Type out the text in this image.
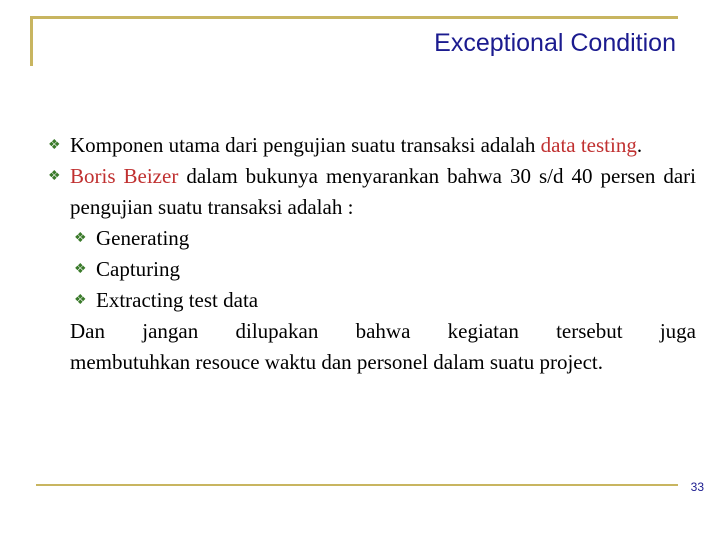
Exceptional Condition
❖ Komponen utama dari pengujian suatu transaksi adalah data testing.
❖ Boris Beizer dalam bukunya menyarankan bahwa 30 s/d 40 persen dari pengujian suatu transaksi adalah :
❖ Generating
❖ Capturing
❖ Extracting test data
Dan jangan dilupakan bahwa kegiatan tersebut juga
membutuhkan resouce waktu dan personel dalam suatu project.
33
